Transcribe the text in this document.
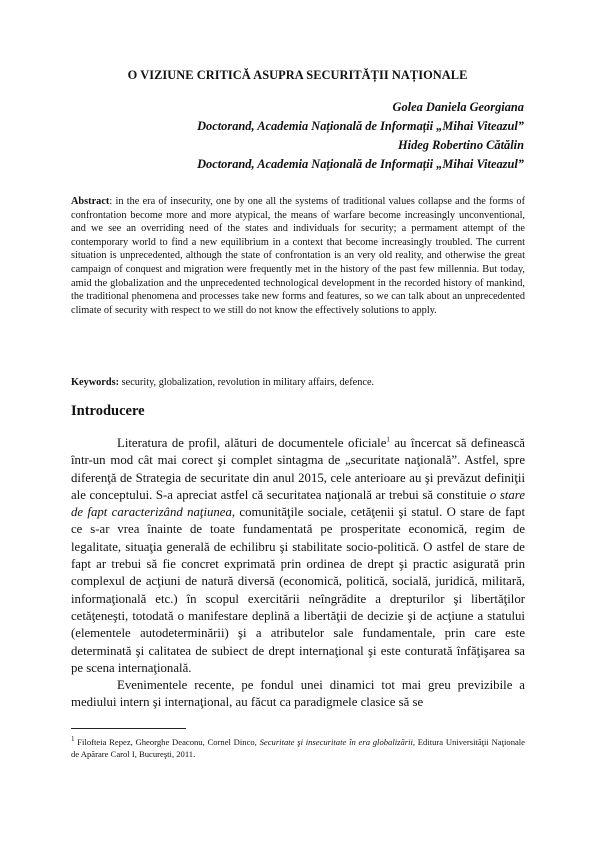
O VIZIUNE CRITICĂ ASUPRA SECURITĂȚII NAȚIONALE
Golea Daniela Georgiana
Doctorand, Academia Națională de Informații „Mihai Viteazul”
Hideg Robertino Cătălin
Doctorand, Academia Națională de Informații „Mihai Viteazul”
Abstract: in the era of insecurity, one by one all the systems of traditional values collapse and the forms of confrontation become more and more atypical, the means of warfare become increasingly unconventional, and we see an overriding need of the states and individuals for security; a permament attempt of the contemporary world to find a new equilibrium in a context that become increasingly troubled. The current situation is unprecedented, although the state of confrontation is an very old reality, and otherwise the great campaign of conquest and migration were frequently met in the history of the past few millennia. But today, amid the globalization and the unprecedented technological development in the recorded history of mankind, the traditional phenomena and processes take new forms and features, so we can talk about an unprecedented climate of security with respect to we still do not know the effectively solutions to apply.
Keywords: security, globalization, revolution in military affairs, defence.
Introducere

Literatura de profil, alături de documentele oficiale$^1$ au încercat să definească într-un mod cât mai corect şi complet sintagma de „securitate naţională”. Astfel, spre diferenţă de Strategia de securitate din anul 2015, cele anterioare au şi prevăzut definiţii ale conceptului. S-a apreciat astfel că securitatea naţională ar trebui să constituie o stare de fapt caracterizând naţiunea, comunităţile sociale, cetăţenii şi statul. O stare de fapt ce s-ar vrea înainte de toate fundamentată pe prosperitate economică, regim de legalitate, situaţia generală de echilibru şi stabilitate socio-politică. O astfel de stare de fapt ar trebui să fie concret exprimată prin ordinea de drept şi practic asigurată prin complexul de acţiuni de natură diversă (economică, politică, socială, juridică, militară, informaţională etc.) în scopul exercitării neîngrădite a drepturilor şi libertăţilor cetăţeneşti, totodată o manifestare deplină a libertăţii de decizie şi de acţiune a statului (elementele autodeterminării) şi a atributelor sale fundamentale, prin care este determinată şi calitatea de subiect de drept internaţional şi este conturată înfăţişarea sa pe scena internaţională.

Evenimentele recente, pe fondul unei dinamici tot mai greu previzibile a mediului intern şi internaţional, au făcut ca paradigmele clasice să se

$^1$ Filofteia Repez, Gheorghe Deaconu, Cornel Dinco, Securitate şi insecuritate în era globalizării, Editura Universităţii Naţionale de Apărare Carol I, Bucureşti, 2011.
